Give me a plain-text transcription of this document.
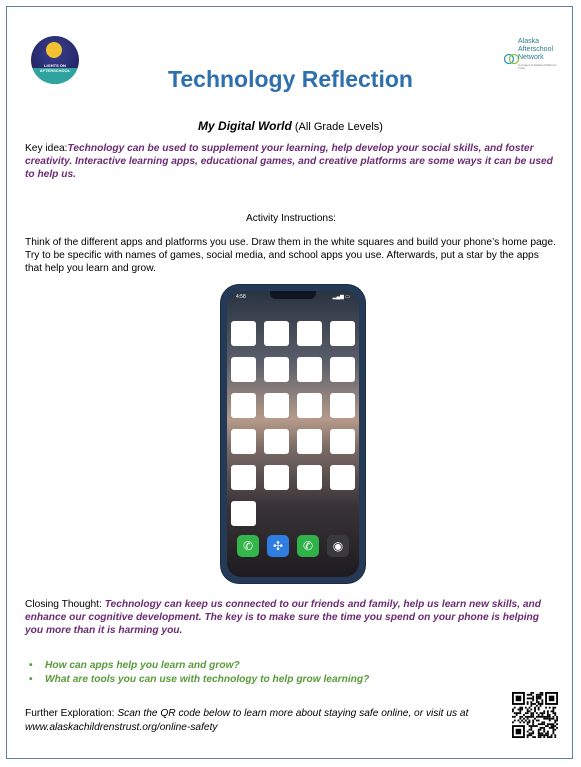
LIGHTS ON AFTERSCHOOL
Alaska Afterschool Network
A project of Alaska Children's Trust
Technology Reflection
My Digital World (All Grade Levels)
Key idea:Technology can be used to supplement your learning, help develop your social skills, and foster creativity. Interactive learning apps, educational games, and creative platforms are some ways it can be used to help us.
Activity Instructions:
Think of the different apps and platforms you use. Draw them in the white squares and build your phone’s home page. Try to be specific with names of games, social media, and school apps you use. Afterwards, put a star by the apps that help you learn and grow.
4:58	▂▄▆ ▭
✆	✣	✆	◉
Closing Thought: Technology can keep us connected to our friends and family, help us learn new skills, and enhance our cognitive development. The key is to make sure the time you spend on your phone is helping you more than it is harming you.
• How can apps help you learn and grow?
• What are tools you can use with technology to help grow learning?
Further Exploration: Scan the QR code below to learn more about staying safe online, or visit us at
www.alaskachildrenstrust.org/online-safety
